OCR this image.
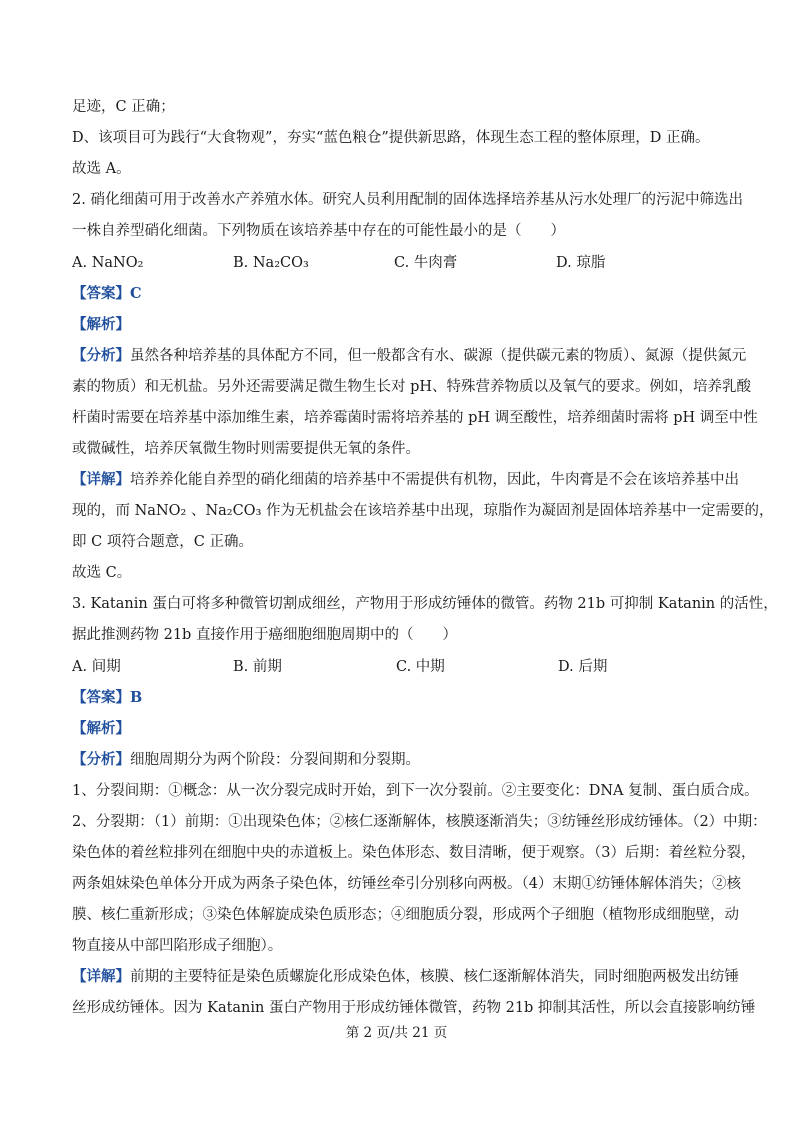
足迹，C 正确；
D、该项目可为践行“大食物观”，夯实“蓝色粮仓”提供新思路，体现生态工程的整体原理，D 正确。
故选 A。
2. 硝化细菌可用于改善水产养殖水体。研究人员利用配制的固体选择培养基从污水处理厂的污泥中筛选出
一株自养型硝化细菌。下列物质在该培养基中存在的可能性最小的是（　　）
A. NaNO₂	B. Na₂CO₃	C. 牛肉膏	D. 琼脂
【答案】C
【解析】
【分析】虽然各种培养基的具体配方不同，但一般都含有水、碳源（提供碳元素的物质）、氮源（提供氮元
素的物质）和无机盐。另外还需要满足微生物生长对 pH、特殊营养物质以及氧气的要求。例如，培养乳酸
杆菌时需要在培养基中添加维生素，培养霉菌时需将培养基的 pH 调至酸性，培养细菌时需将 pH 调至中性
或微碱性，培养厌氧微生物时则需要提供无氧的条件。
【详解】培养养化能自养型的硝化细菌的培养基中不需提供有机物，因此，牛肉膏是不会在该培养基中出
现的，而 NaNO₂ 、Na₂CO₃ 作为无机盐会在该培养基中出现，琼脂作为凝固剂是固体培养基中一定需要的，
即 C 项符合题意，C 正确。
故选 C。
3. Katanin 蛋白可将多种微管切割成细丝，产物用于形成纺锤体的微管。药物 21b 可抑制 Katanin 的活性，
据此推测药物 21b 直接作用于癌细胞细胞周期中的（　　）
A. 间期	B. 前期	C. 中期	D. 后期
【答案】B
【解析】
【分析】细胞周期分为两个阶段：分裂间期和分裂期。
1、分裂间期：①概念：从一次分裂完成时开始，到下一次分裂前。②主要变化：DNA 复制、蛋白质合成。
2、分裂期：（1）前期：①出现染色体；②核仁逐渐解体，核膜逐渐消失；③纺锤丝形成纺锤体。（2）中期：
染色体的着丝粒排列在细胞中央的赤道板上。染色体形态、数目清晰，便于观察。（3）后期：着丝粒分裂，
两条姐妹染色单体分开成为两条子染色体，纺锤丝牵引分别移向两极。（4）末期①纺锤体解体消失；②核
膜、核仁重新形成；③染色体解旋成染色质形态；④细胞质分裂，形成两个子细胞（植物形成细胞壁，动
物直接从中部凹陷形成子细胞）。
【详解】前期的主要特征是染色质螺旋化形成染色体，核膜、核仁逐渐解体消失，同时细胞两极发出纺锤
丝形成纺锤体。因为 Katanin 蛋白产物用于形成纺锤体微管，药物 21b 抑制其活性，所以会直接影响纺锤
第 2 页/共 21 页
